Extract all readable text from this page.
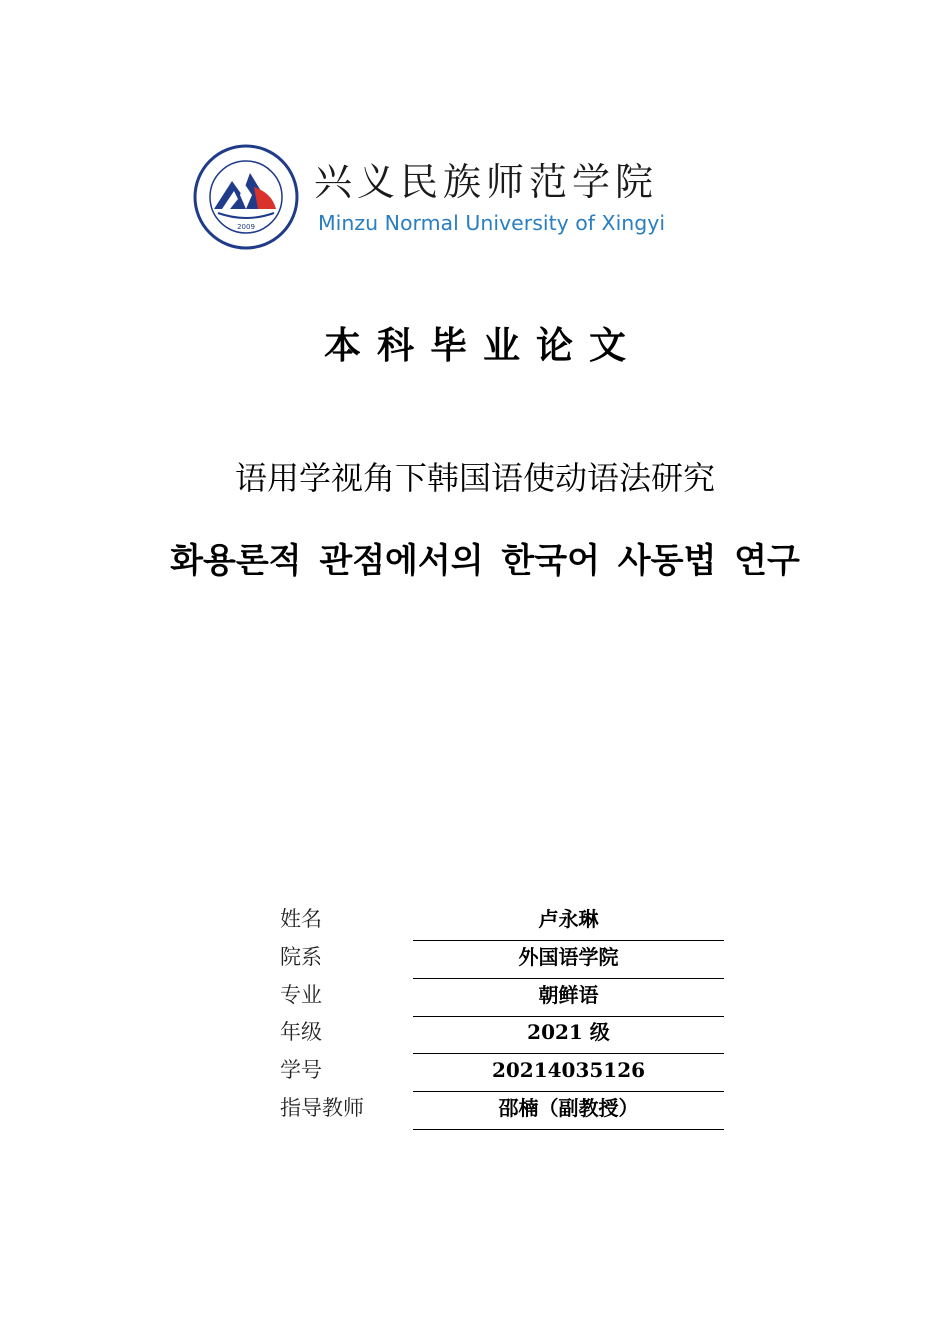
2009
兴义民族师范学院
Minzu Normal University of Xingyi
本科毕业论文
语用学视角下韩国语使动语法研究
화용론적 관점에서의 한국어 사동법 연구
姓名	卢永琳
院系	外国语学院
专业	朝鲜语
年级	2021 级
学号	20214035126
指导教师	邵楠（副教授）
